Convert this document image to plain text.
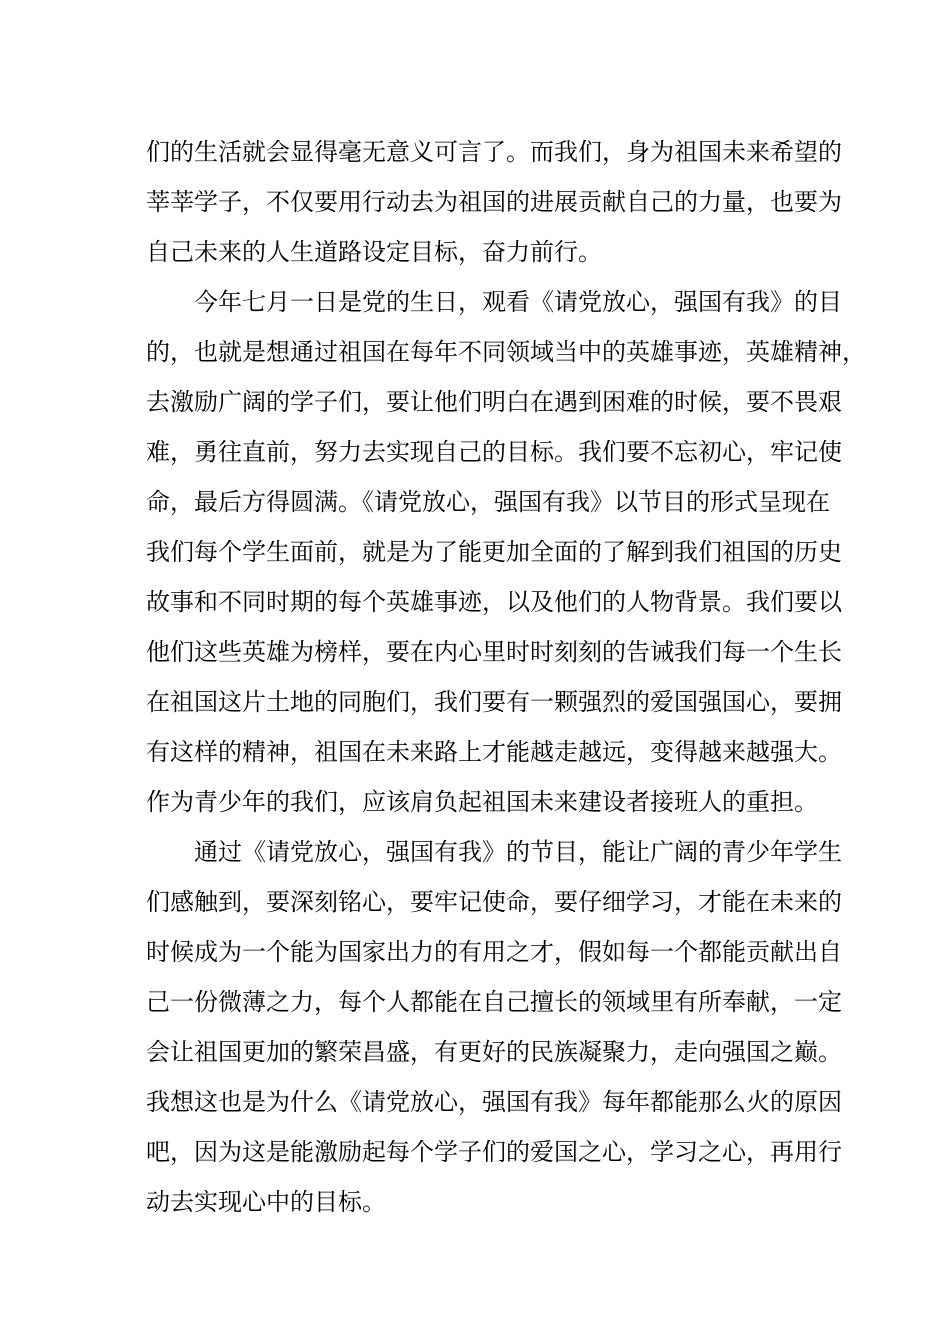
们的生活就会显得毫无意义可言了。而我们，身为祖国未来希望的
莘莘学子，不仅要用行动去为祖国的进展贡献自己的力量，也要为
自己未来的人生道路设定目标，奋力前行。
今年七月一日是党的生日，观看《请党放心，强国有我》的目
的，也就是想通过祖国在每年不同领域当中的英雄事迹，英雄精神，
去激励广阔的学子们，要让他们明白在遇到困难的时候，要不畏艰
难，勇往直前，努力去实现自己的目标。我们要不忘初心，牢记使
命，最后方得圆满。《请党放心，强国有我》以节目的形式呈现在
我们每个学生面前，就是为了能更加全面的了解到我们祖国的历史
故事和不同时期的每个英雄事迹，以及他们的人物背景。我们要以
他们这些英雄为榜样，要在内心里时时刻刻的告诫我们每一个生长
在祖国这片土地的同胞们，我们要有一颗强烈的爱国强国心，要拥
有这样的精神，祖国在未来路上才能越走越远，变得越来越强大。
作为青少年的我们，应该肩负起祖国未来建设者接班人的重担。
通过《请党放心，强国有我》的节目，能让广阔的青少年学生
们感触到，要深刻铭心，要牢记使命，要仔细学习，才能在未来的
时候成为一个能为国家出力的有用之才，假如每一个都能贡献出自
己一份微薄之力，每个人都能在自己擅长的领域里有所奉献，一定
会让祖国更加的繁荣昌盛，有更好的民族凝聚力，走向强国之巅。
我想这也是为什么《请党放心，强国有我》每年都能那么火的原因
吧，因为这是能激励起每个学子们的爱国之心，学习之心，再用行
动去实现心中的目标。
